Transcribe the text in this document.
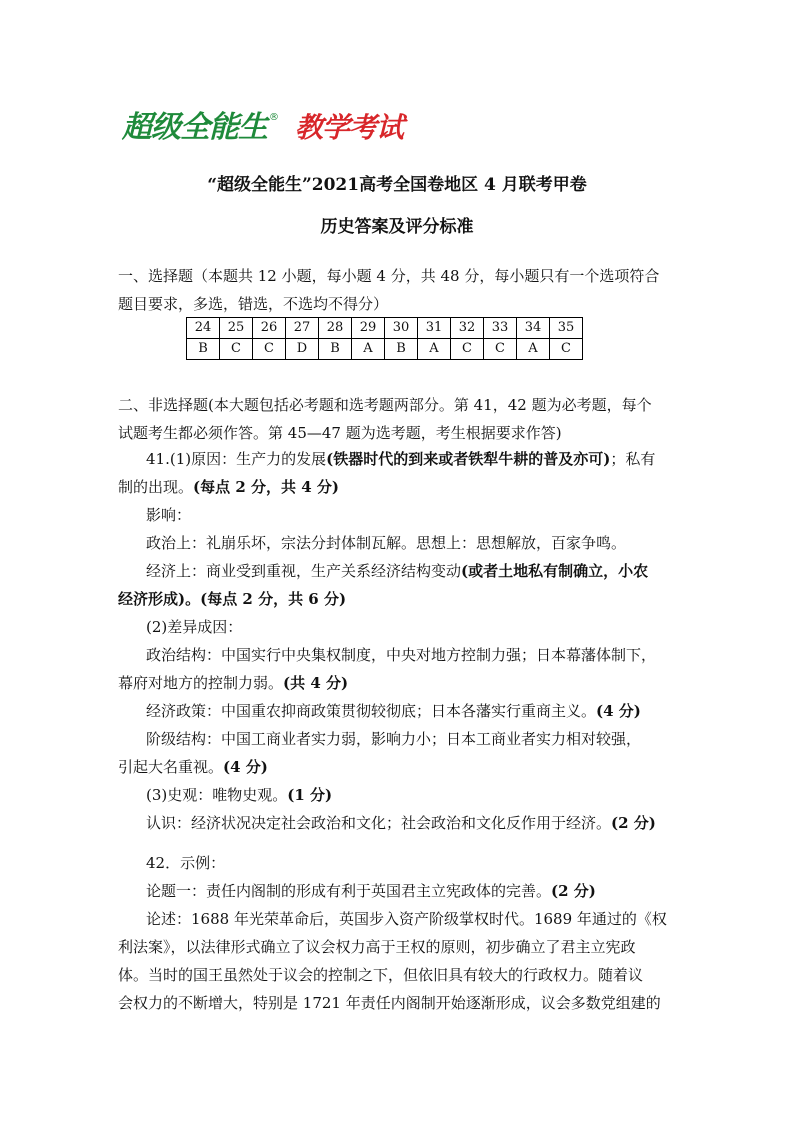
超级全能生 ® 教学考试
“超级全能生”2021高考全国卷地区 4 月联考甲卷
历史答案及评分标准
一、选择题（本题共 12 小题，每小题 4 分，共 48 分，每小题只有一个选项符合
题目要求，多选，错选，不选均不得分）
24	25	26	27	28	29	30	31	32	33	34	35
B	C	C	D	B	A	B	A	C	C	A	C
二、非选择题(本大题包括必考题和选考题两部分。第 41，42 题为必考题，每个
试题考生都必须作答。第 45—47 题为选考题，考生根据要求作答)
41.(1)原因：生产力的发展(铁器时代的到来或者铁犁牛耕的普及亦可)；私有
制的出现。(每点 2 分，共 4 分)
影响：
政治上：礼崩乐坏，宗法分封体制瓦解。思想上：思想解放，百家争鸣。
经济上：商业受到重视，生产关系经济结构变动(或者土地私有制确立，小农
经济形成)。(每点 2 分，共 6 分)
(2)差异成因：
政治结构：中国实行中央集权制度，中央对地方控制力强；日本幕藩体制下，
幕府对地方的控制力弱。(共 4 分)
经济政策：中国重农抑商政策贯彻较彻底；日本各藩实行重商主义。(4 分)
阶级结构：中国工商业者实力弱，影响力小；日本工商业者实力相对较强，
引起大名重视。(4 分)
(3)史观：唯物史观。(1 分)
认识：经济状况决定社会政治和文化；社会政治和文化反作用于经济。(2 分)
42．示例：
论题一：责任内阁制的形成有利于英国君主立宪政体的完善。(2 分)
论述：1688 年光荣革命后，英国步入资产阶级掌权时代。1689 年通过的《权
利法案》，以法律形式确立了议会权力高于王权的原则，初步确立了君主立宪政
体。当时的国王虽然处于议会的控制之下，但依旧具有较大的行政权力。随着议
会权力的不断增大，特别是 1721 年责任内阁制开始逐渐形成，议会多数党组建的
